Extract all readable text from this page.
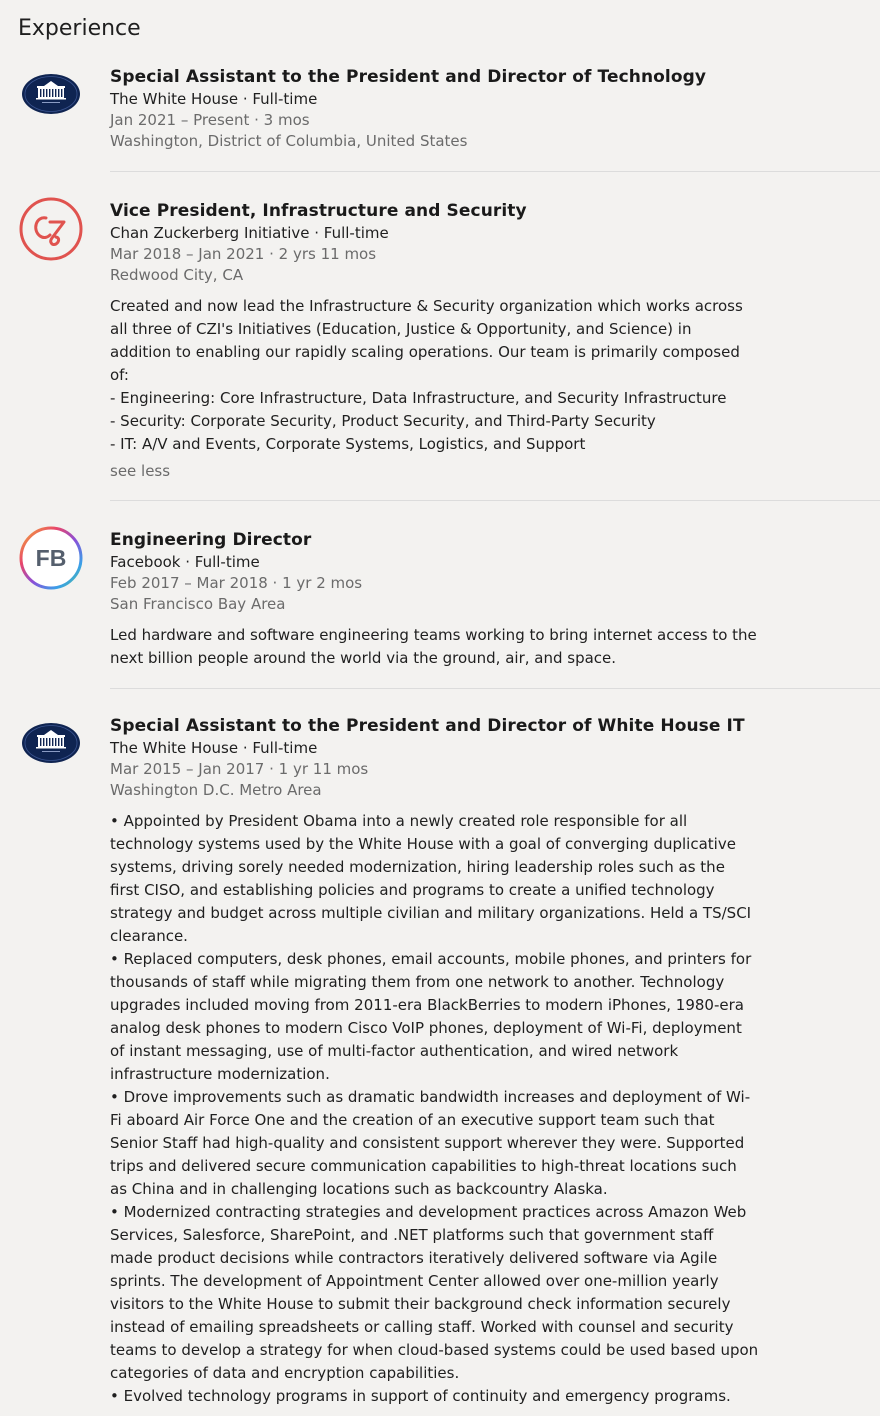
Experience
Special Assistant to the President and Director of Technology
The White House · Full-time
Jan 2021 – Present · 3 mos
Washington, District of Columbia, United States
Vice President, Infrastructure and Security
Chan Zuckerberg Initiative · Full-time
Mar 2018 – Jan 2021 · 2 yrs 11 mos
Redwood City, CA
Created and now lead the Infrastructure & Security organization which works across
all three of CZI's Initiatives (Education, Justice & Opportunity, and Science) in
addition to enabling our rapidly scaling operations. Our team is primarily composed
of:
- Engineering: Core Infrastructure, Data Infrastructure, and Security Infrastructure
- Security: Corporate Security, Product Security, and Third-Party Security
- IT: A/V and Events, Corporate Systems, Logistics, and Support
see less
FB
Engineering Director
Facebook · Full-time
Feb 2017 – Mar 2018 · 1 yr 2 mos
San Francisco Bay Area
Led hardware and software engineering teams working to bring internet access to the
next billion people around the world via the ground, air, and space.
Special Assistant to the President and Director of White House IT
The White House · Full-time
Mar 2015 – Jan 2017 · 1 yr 11 mos
Washington D.C. Metro Area
• Appointed by President Obama into a newly created role responsible for all
technology systems used by the White House with a goal of converging duplicative
systems, driving sorely needed modernization, hiring leadership roles such as the
first CISO, and establishing policies and programs to create a unified technology
strategy and budget across multiple civilian and military organizations. Held a TS/SCI
clearance.
• Replaced computers, desk phones, email accounts, mobile phones, and printers for
thousands of staff while migrating them from one network to another. Technology
upgrades included moving from 2011-era BlackBerries to modern iPhones, 1980-era
analog desk phones to modern Cisco VoIP phones, deployment of Wi-Fi, deployment
of instant messaging, use of multi-factor authentication, and wired network
infrastructure modernization.
• Drove improvements such as dramatic bandwidth increases and deployment of Wi-
Fi aboard Air Force One and the creation of an executive support team such that
Senior Staff had high-quality and consistent support wherever they were. Supported
trips and delivered secure communication capabilities to high-threat locations such
as China and in challenging locations such as backcountry Alaska.
• Modernized contracting strategies and development practices across Amazon Web
Services, Salesforce, SharePoint, and .NET platforms such that government staff
made product decisions while contractors iteratively delivered software via Agile
sprints. The development of Appointment Center allowed over one-million yearly
visitors to the White House to submit their background check information securely
instead of emailing spreadsheets or calling staff. Worked with counsel and security
teams to develop a strategy for when cloud-based systems could be used based upon
categories of data and encryption capabilities.
• Evolved technology programs in support of continuity and emergency programs.
